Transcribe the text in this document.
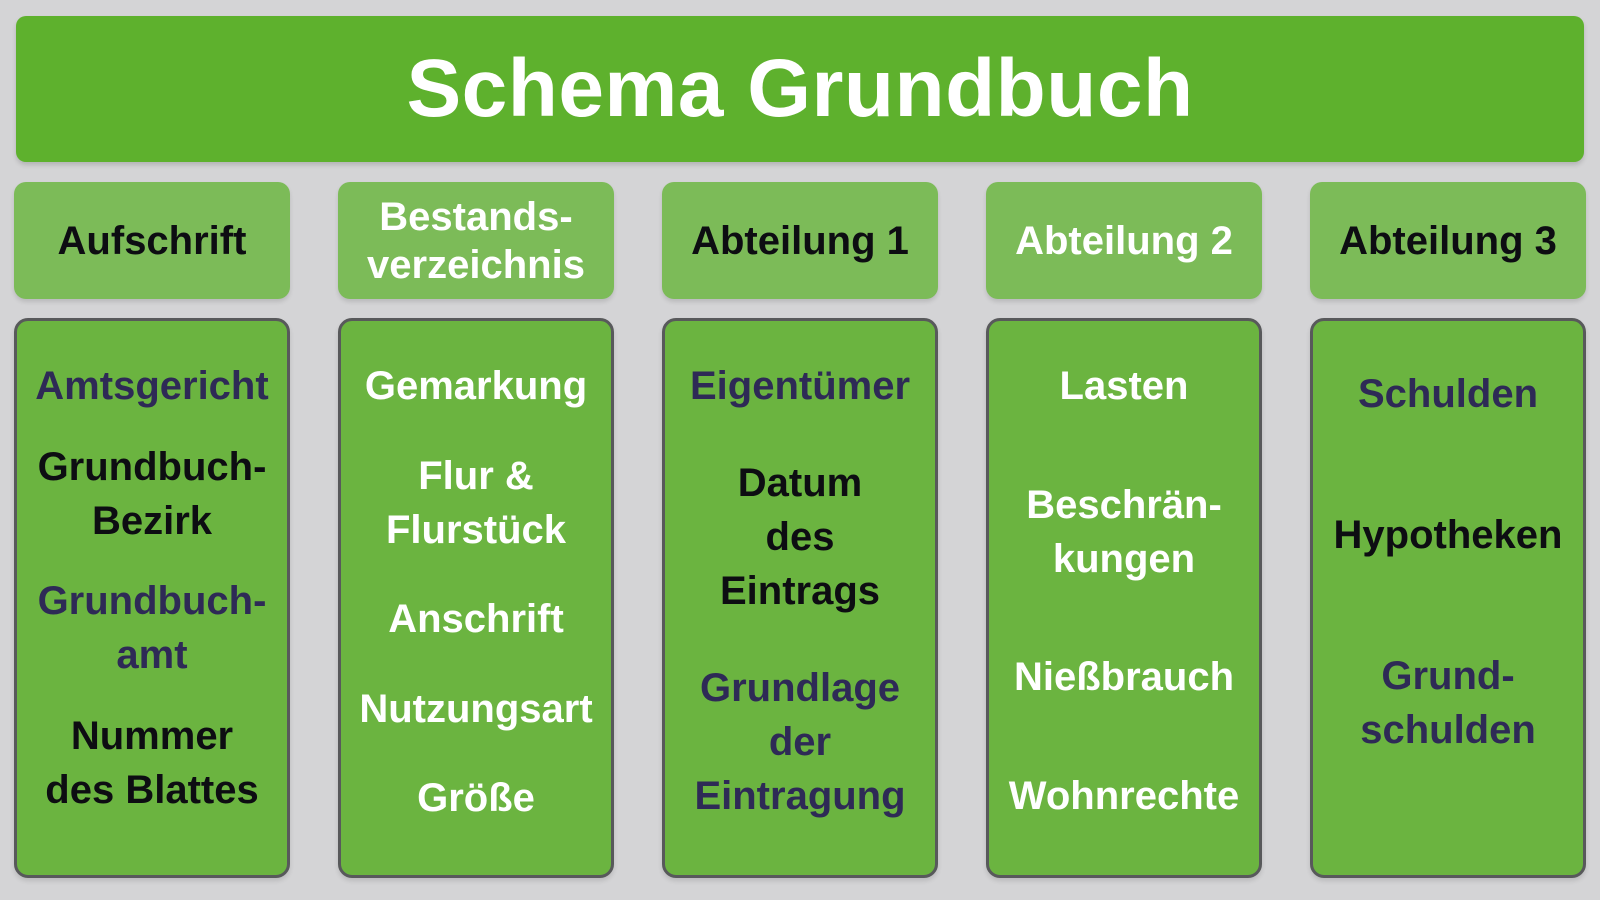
Schema Grundbuch
Aufschrift
Amtsgericht
Grundbuch-
Bezirk
Grundbuch-
amt
Nummer
des Blattes
Bestands-
verzeichnis
Gemarkung
Flur &
Flurstück
Anschrift
Nutzungsart
Größe
Abteilung 1
Eigentümer
Datum
des
Eintrags
Grundlage
der
Eintragung
Abteilung 2
Lasten
Beschrän-
kungen
Nießbrauch
Wohnrechte
Abteilung 3
Schulden
Hypotheken
Grund-
schulden
